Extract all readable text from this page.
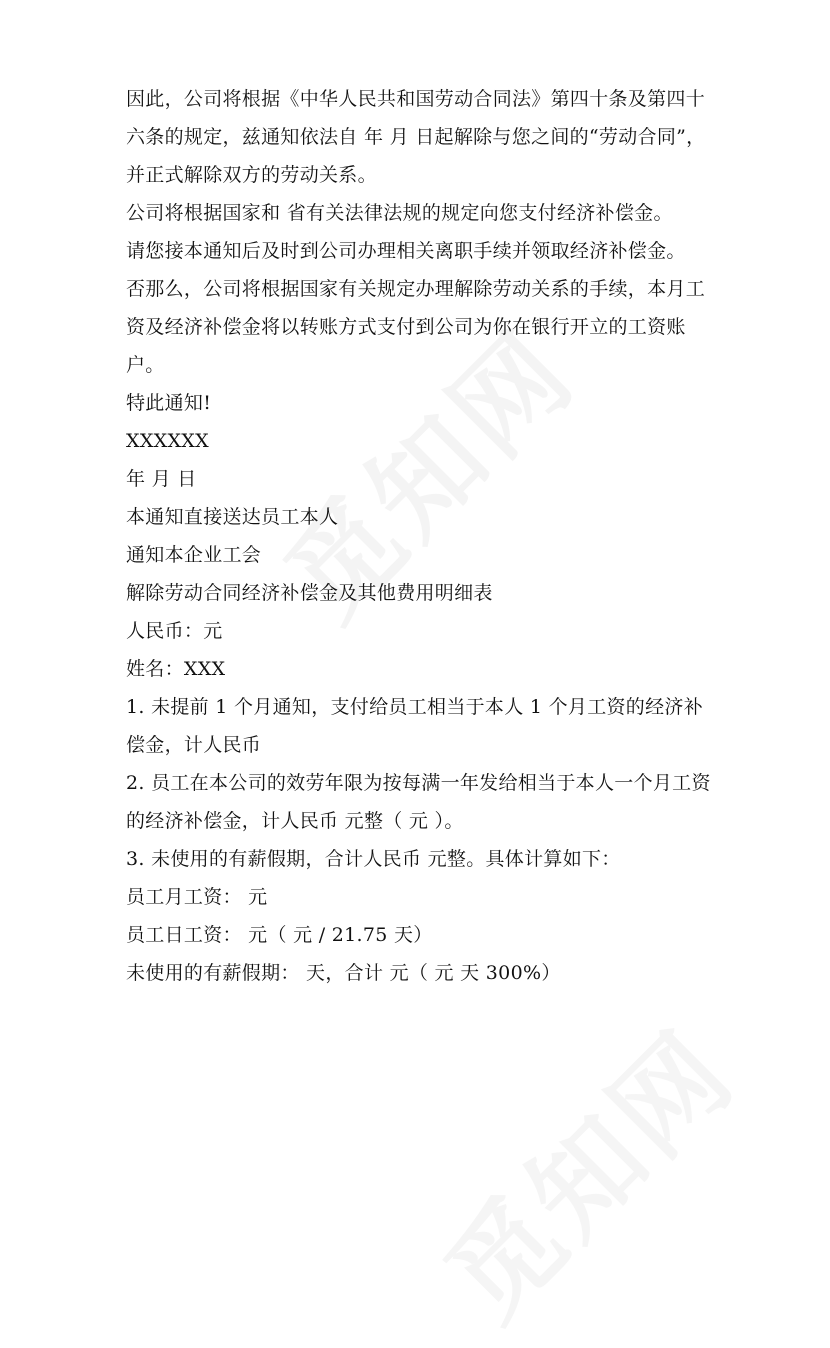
因此，公司将根据《中华人民共和国劳动合同法》第四十条及第四十六条的规定，兹通知依法自 年 月 日起解除与您之间的“劳动合同”，并正式解除双方的劳动关系。

公司将根据国家和 省有关法律法规的规定向您支付经济补偿金。

请您接本通知后及时到公司办理相关离职手续并领取经济补偿金。

否那么，公司将根据国家有关规定办理解除劳动关系的手续，本月工资及经济补偿金将以转账方式支付到公司为你在银行开立的工资账户。

特此通知!

XXXXXX

年 月 日

本通知直接送达员工本人

通知本企业工会

解除劳动合同经济补偿金及其他费用明细表

人民币：元

姓名：XXX

1. 未提前 1 个月通知，支付给员工相当于本人 1 个月工资的经济补偿金，计人民币

2. 员工在本公司的效劳年限为按每满一年发给相当于本人一个月工资的经济补偿金，计人民币 元整（ 元 ）。

3. 未使用的有薪假期，合计人民币 元整。具体计算如下：

员工月工资： 元

员工日工资： 元（ 元 / 21.75 天）

未使用的有薪假期： 天，合计 元（ 元 天 300%）
